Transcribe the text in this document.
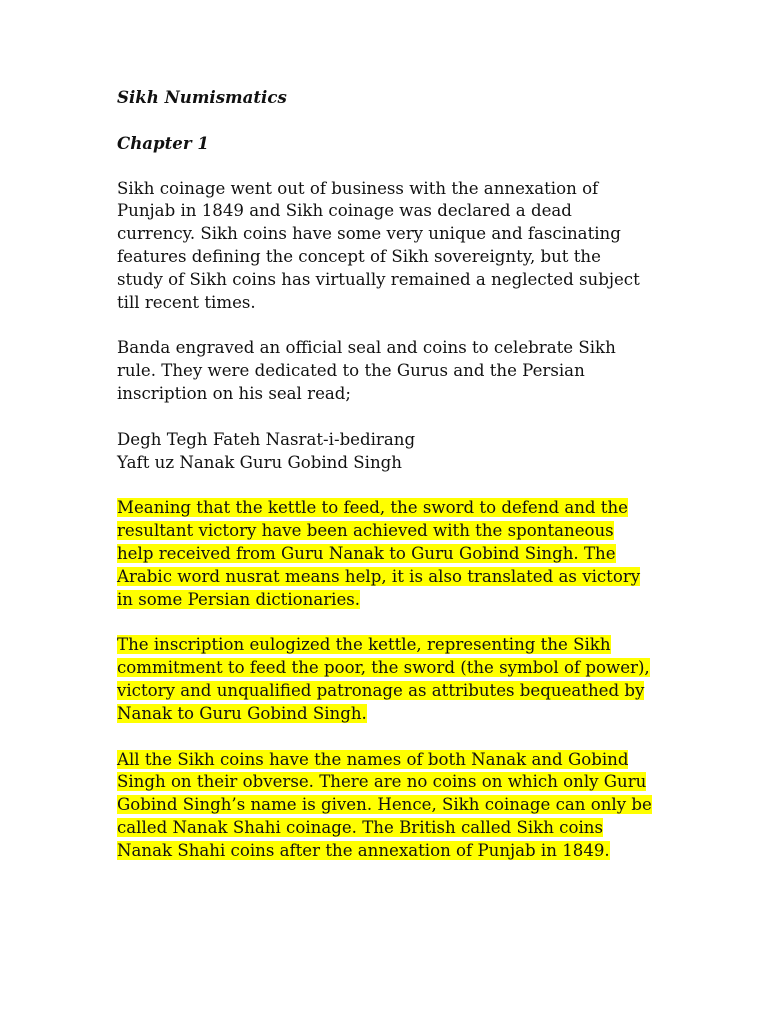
Sikh Numismatics

Chapter 1

Sikh coinage went out of business with the annexation of Punjab in 1849 and Sikh coinage was declared a dead currency. Sikh coins have some very unique and fascinating features defining the concept of Sikh sovereignty, but the study of Sikh coins has virtually remained a neglected subject till recent times.

Banda engraved an official seal and coins to celebrate Sikh rule. They were dedicated to the Gurus and the Persian inscription on his seal read;

Degh Tegh Fateh Nasrat-i-bedirang
Yaft uz Nanak Guru Gobind Singh

Meaning that the kettle to feed, the sword to defend and the resultant victory have been achieved with the spontaneous help received from Guru Nanak to Guru Gobind Singh. The Arabic word nusrat means help, it is also translated as victory in some Persian dictionaries.

The inscription eulogized the kettle, representing the Sikh commitment to feed the poor, the sword (the symbol of power), victory and unqualified patronage as attributes bequeathed by Nanak to Guru Gobind Singh.

All the Sikh coins have the names of both Nanak and Gobind Singh on their obverse. There are no coins on which only Guru Gobind Singh’s name is given. Hence, Sikh coinage can only be called Nanak Shahi coinage. The British called Sikh coins Nanak Shahi coins after the annexation of Punjab in 1849.
